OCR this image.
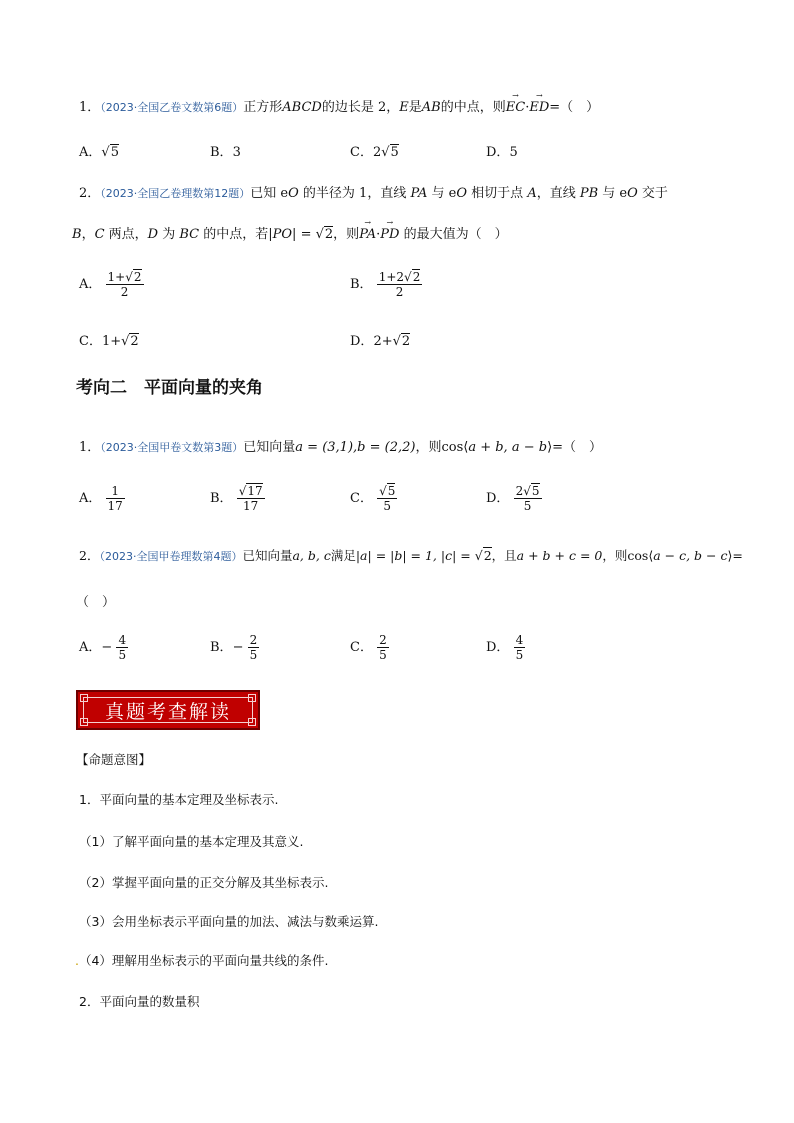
1．（2023·全国乙卷文数第6题）正方形ABCD的边长是 2，E是AB的中点，则→ EC·→ ED=（　）
A．√5	B．3	C．2√5	D．5
2．（2023·全国乙卷理数第12题）已知 eO 的半径为 1，直线 PA 与 eO 相切于点 A，直线 PB 与 eO 交于
B，C 两点，D 为 BC 的中点，若|PO| = √2，则→ PA·→ PD 的最大值为（　）
A． $\frac{1+√2}{2}$	B． $\frac{1+2√2}{2}$
C．1+√2	D．2+√2
考向二　平面向量的夹角
1．（2023·全国甲卷文数第3题）已知向量a = (3,1),b = (2,2)，则cos⟨a + b, a − b⟩=（　）
A． $\frac{1}{17}$	B． $\frac{√17}{17}$	C． $\frac{√5}{5}$	D． $\frac{2√5}{5}$
2．（2023·全国甲卷理数第4题）已知向量a, b, c满足|a| = |b| = 1, |c| = √2，且a + b + c = 0，则cos⟨a − c, b − c⟩=
（　）
A．− $\frac{4}{5}$	B．− $\frac{2}{5}$	C． $\frac{2}{5}$	D． $\frac{4}{5}$
真题考查解读
【命题意图】
1．平面向量的基本定理及坐标表示.
（1）了解平面向量的基本定理及其意义.
（2）掌握平面向量的正交分解及其坐标表示.
（3）会用坐标表示平面向量的加法、减法与数乘运算.
.（4）理解用坐标表示的平面向量共线的条件.
2．平面向量的数量积
